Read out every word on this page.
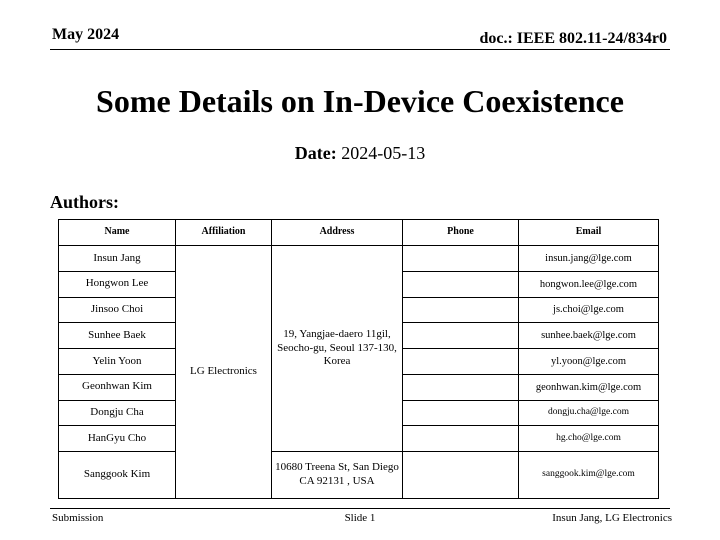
May 2024	doc.: IEEE 802.11-24/834r0
Some Details on In-Device Coexistence
Date: 2024-05-13
Authors:
Name	Affiliation	Address	Phone	Email
Insun Jang	LG Electronics	19, Yangjae-daero 11gil, Seocho-gu, Seoul 137-130, Korea		insun.jang@lge.com
Hongwon Lee				hongwon.lee@lge.com
Jinsoo Choi				js.choi@lge.com
Sunhee Baek				sunhee.baek@lge.com
Yelin Yoon				yl.yoon@lge.com
Geonhwan Kim				geonhwan.kim@lge.com
Dongju Cha				dongju.cha@lge.com
HanGyu Cho				hg.cho@lge.com
Sanggook Kim		10680 Treena St, San Diego CA 92131 , USA		sanggook.kim@lge.com
Submission	Slide 1	Insun Jang, LG Electronics
